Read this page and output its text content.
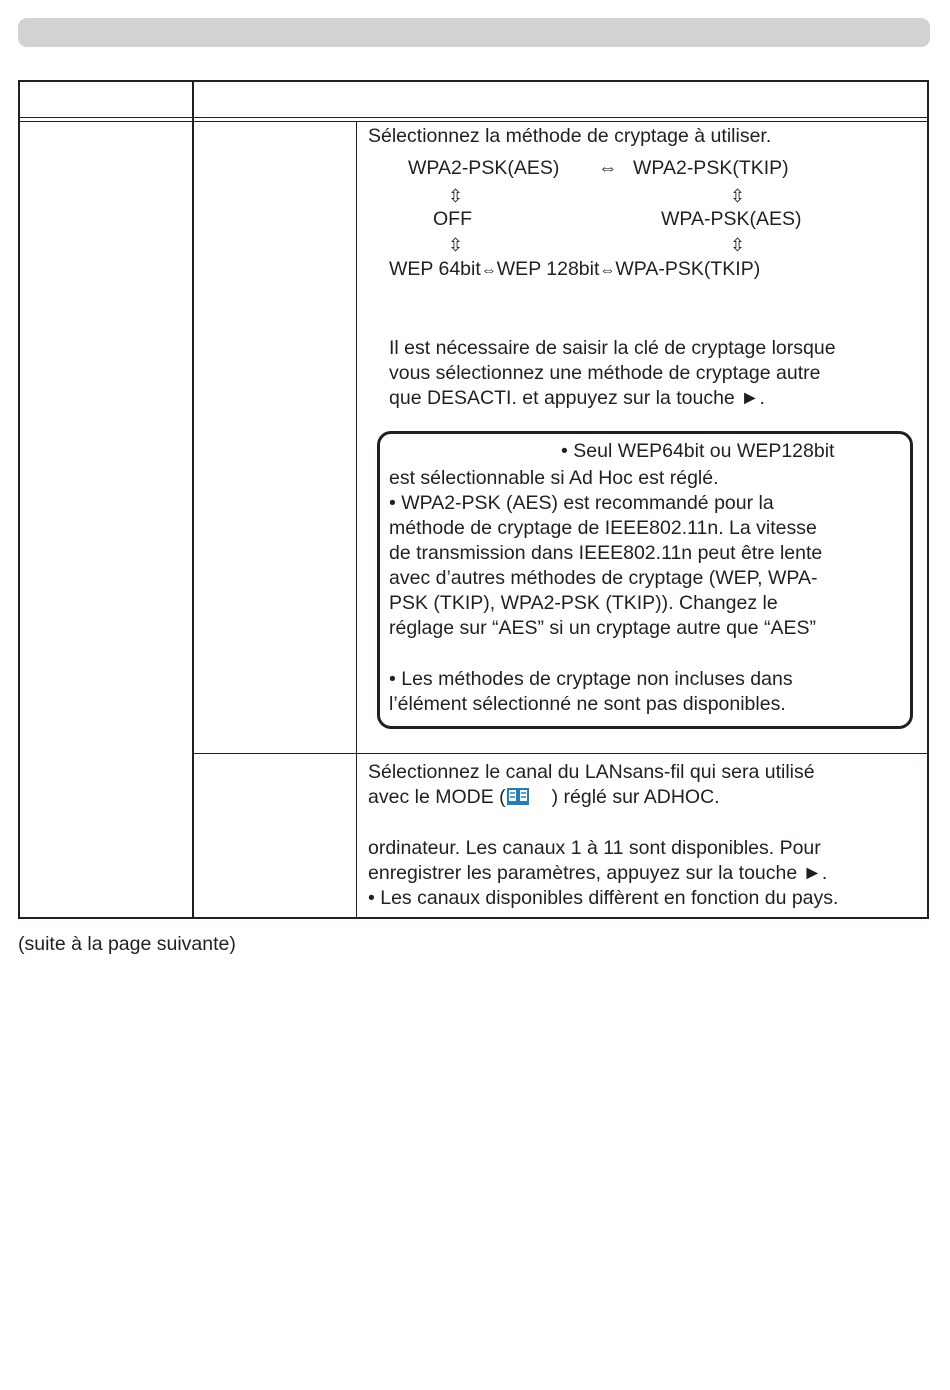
Sélectionnez la méthode de cryptage à utiliser.
WPA2-PSK(AES) ⇔ WPA2-PSK(TKIP)
⇳	⇳
OFF	WPA-PSK(AES)
⇳	⇳
WEP 64bit⇔WEP 128bit⇔WPA-PSK(TKIP)
Il est nécessaire de saisir la clé de cryptage lorsque
vous sélectionnez une méthode de cryptage autre
que DESACTI. et appuyez sur la touche ►.
• Seul WEP64bit ou WEP128bit
est sélectionnable si Ad Hoc est réglé.
• WPA2-PSK (AES) est recommandé pour la
méthode de cryptage de IEEE802.11n. La vitesse
de transmission dans IEEE802.11n peut être lente
avec d’autres méthodes de cryptage (WEP, WPA-
PSK (TKIP), WPA2-PSK (TKIP)). Changez le
réglage sur “AES” si un cryptage autre que “AES”
• Les méthodes de cryptage non incluses dans
l’élément sélectionné ne sont pas disponibles.
Sélectionnez le canal du LANsans-fil qui sera utilisé
avec le MODE ( ) réglé sur ADHOC.
ordinateur. Les canaux 1 à 11 sont disponibles. Pour
enregistrer les paramètres, appuyez sur la touche ►.
• Les canaux disponibles diffèrent en fonction du pays.
(suite à la page suivante)
